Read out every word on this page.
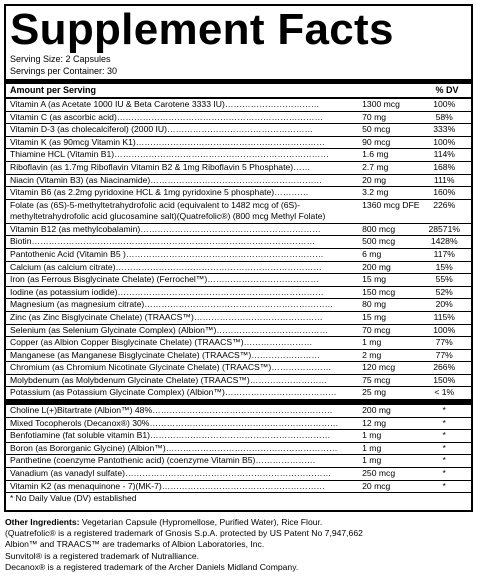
Supplement Facts
Serving Size: 2 Capsules
Servings per Container: 30
Amount per Serving	% DV
Vitamin A (as Acetate 1000 IU & Beta Carotene 3333 IU)……………………………	1300 mcg	100%
Vitamin C (as ascorbic acid)………………………………………………………………	70 mg	58%
Vitamin D-3 (as cholecalciferol) (2000 IU)……………………………………………	50 mcg	333%
Vitamin K (as 90mcg Vitamin K1)…………………………………………………………	90 mcg	100%
Thiamine HCL (Vitamin B1)…………………………………………………………………	1.6 mg	114%
Riboflavin (as 1.7mg Riboflavin Vitamin B2 & 1mg Riboflavin 5 Phosphate)……	2.7 mg	168%
Niacin (Vitamin B3) (as Niacinamide)……………………………………………………	20 mg	111%
Vitamin B6 (as 2.2mg pyridoxine HCL & 1mg pyridoxine 5 phosphate)…………	3.2 mg	160%
Folate (as (6S)-5-methyltetrahydrofolic acid (equivalent to 1482 mcg of (6S)-methyltetrahydrofolic acid glucosamine salt)(Quatrefolic®) (800 mcg Methyl Folate)
1360 mcg DFE	226%
Vitamin B12 (as methylcobalamin)………………………………………………………	800 mcg	28571%
Biotin………………………………………………………………………………………	500 mcg	1428%
Pantothenic Acid (Vitamin B5 )……………………………………………………………	6 mg	117%
Calcium (as calcium citrate)………………………………………………………………	200 mg	15%
Iron (as Ferrous Bisglycinate Chelate) (Ferrochel™)…………………………………	15 mg	55%
Iodine (as potassium iodide)………………………………………………………………	150 mcg	52%
Magnesium (as magnesium citrate)…………………………………………………………	80 mg	20%
Zinc (as Zinc Bisglycinate Chelate) (TRAACS™)………………………………………	15 mg	115%
Selenium (as Selenium Glycinate Complex) (Albion™)…………………………………	70 mcg	100%
Copper (as Albion Copper Bisglycinate Chelate) (TRAACS™)……………………	1 mg	77%
Manganese (as Manganese Bisglycinate Chelate) (TRAACS™)……………………	2 mg	77%
Chromium (as Chromium Nicotinate Glycinate Chelate) (TRAACS™)…………………	120 mcg	266%
Molybdenum (as Molybdenum Glycinate Chelate) (TRAACS™)………………………	75 mcg	150%
Potassium (as Potassium Glycinate Complex) (Albion™)…………………………………	25 mg	< 1%
Choline L(+)Bitartrate (Albion™) 48%………………………………………………………	200 mg	*
Mixed Tocopherols (Decanox®) 30%…………………………………………………………	12 mg	*
Benfotiamine (fat soluble vitamin B1)………………………………………………………	1 mg	*
Boron (as Bororganic Glycine) (Albion™)……………………………………………………	1 mg	*
Panthetine (coenzyme Pantothenic acid) (coenzyme Vitamin B5)…………………	1 mg	*
Vanadium (as vanadyl sulfate)………………………………………………………………	250 mcg	*
Vitamin K2 (as menaquinone - 7)(MK-7)…………………………………………………	20 mcg	*
* No Daily Value (DV) established
Other Ingredients: Vegetarian Capsule (Hypromellose, Purified Water), Rice Flour.
(Quatrefolic® is a registered trademark of Gnosis S.p.A. protected by US Patent No 7,947,662
Albion™ and TRAACS™ are trademarks of Albion Laboratories, Inc.
Sunvitol® is a registered trademark of Nutralliance.
Decanox® is a registered trademark of the Archer Daniels Midland Company.
